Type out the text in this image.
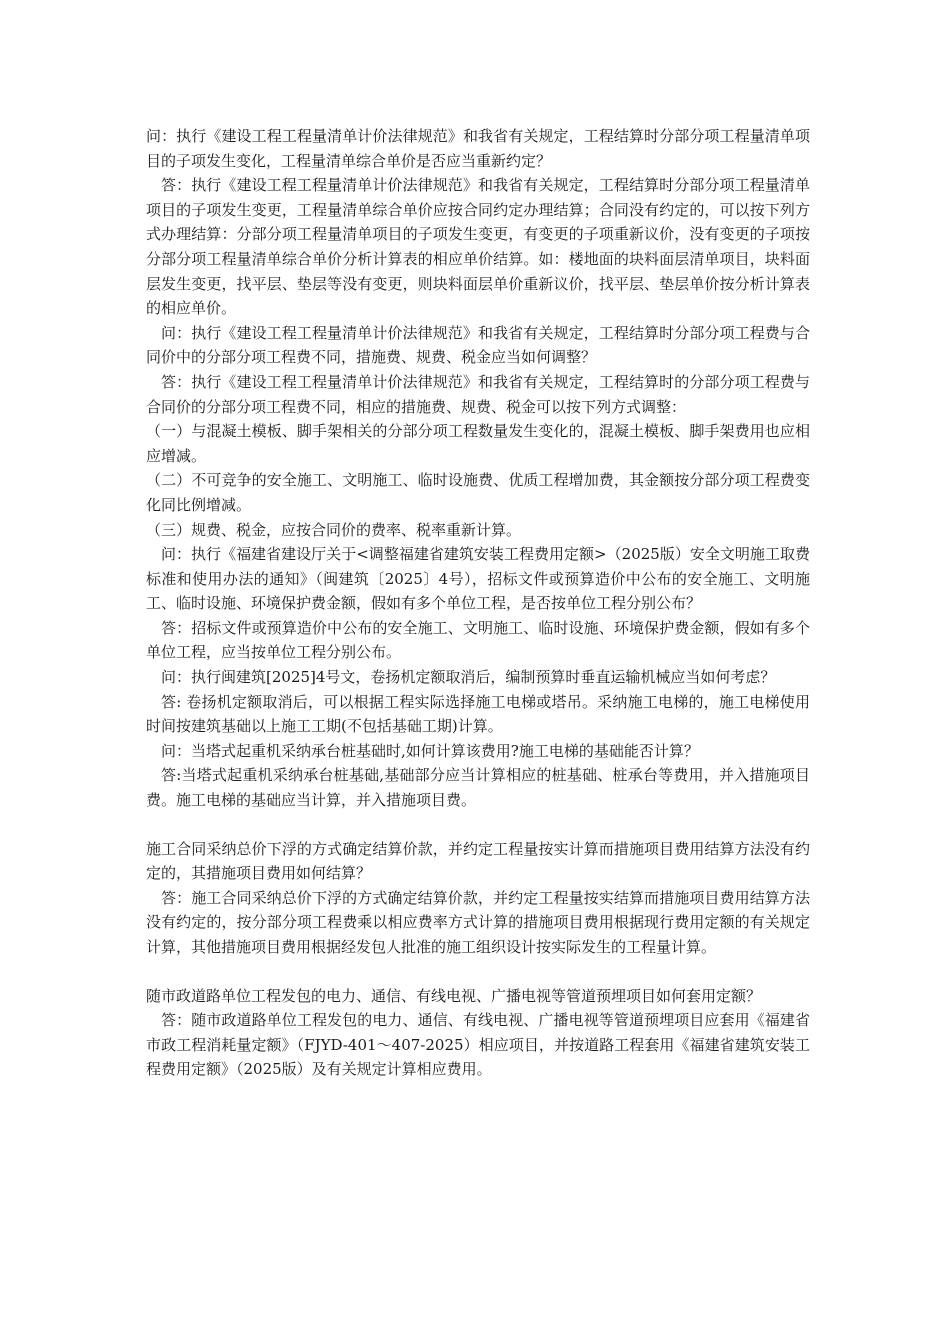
问：执行《建设工程工程量清单计价法律规范》和我省有关规定，工程结算时分部分项工程量清单项目的子项发生变化，工程量清单综合单价是否应当重新约定？

答：执行《建设工程工程量清单计价法律规范》和我省有关规定，工程结算时分部分项工程量清单项目的子项发生变更，工程量清单综合单价应按合同约定办理结算；合同没有约定的，可以按下列方式办理结算：分部分项工程量清单项目的子项发生变更，有变更的子项重新议价，没有变更的子项按分部分项工程量清单综合单价分析计算表的相应单价结算。如：楼地面的块料面层清单项目，块料面层发生变更，找平层、垫层等没有变更，则块料面层单价重新议价，找平层、垫层单价按分析计算表的相应单价。

问：执行《建设工程工程量清单计价法律规范》和我省有关规定，工程结算时分部分项工程费与合同价中的分部分项工程费不同，措施费、规费、税金应当如何调整？

答：执行《建设工程工程量清单计价法律规范》和我省有关规定，工程结算时的分部分项工程费与合同价的分部分项工程费不同，相应的措施费、规费、税金可以按下列方式调整：

（一）与混凝土模板、脚手架相关的分部分项工程数量发生变化的，混凝土模板、脚手架费用也应相应增减。

（二）不可竞争的安全施工、文明施工、临时设施费、优质工程增加费，其金额按分部分项工程费变化同比例增减。

（三）规费、税金，应按合同价的费率、税率重新计算。

问：执行《福建省建设厅关于<调整福建省建筑安装工程费用定额>（2025版）安全文明施工取费标准和使用办法的通知》（闽建筑〔2025〕4号），招标文件或预算造价中公布的安全施工、文明施工、临时设施、环境保护费金额，假如有多个单位工程，是否按单位工程分别公布？

答：招标文件或预算造价中公布的安全施工、文明施工、临时设施、环境保护费金额，假如有多个单位工程，应当按单位工程分别公布。

问：执行闽建筑[2025]4号文，卷扬机定额取消后，编制预算时垂直运输机械应当如何考虑？

答: 卷扬机定额取消后，可以根据工程实际选择施工电梯或塔吊。采纳施工电梯的，施工电梯使用时间按建筑基础以上施工工期(不包括基础工期)计算。

问：当塔式起重机采纳承台桩基础时,如何计算该费用?施工电梯的基础能否计算？

答:当塔式起重机采纳承台桩基础,基础部分应当计算相应的桩基础、桩承台等费用，并入措施项目费。施工电梯的基础应当计算，并入措施项目费。

施工合同采纳总价下浮的方式确定结算价款，并约定工程量按实计算而措施项目费用结算方法没有约定的，其措施项目费用如何结算？

答：施工合同采纳总价下浮的方式确定结算价款，并约定工程量按实结算而措施项目费用结算方法没有约定的，按分部分项工程费乘以相应费率方式计算的措施项目费用根据现行费用定额的有关规定计算，其他措施项目费用根据经发包人批准的施工组织设计按实际发生的工程量计算。

随市政道路单位工程发包的电力、通信、有线电视、广播电视等管道预埋项目如何套用定额？

答：随市政道路单位工程发包的电力、通信、有线电视、广播电视等管道预埋项目应套用《福建省市政工程消耗量定额》（FJYD-401～407-2025）相应项目，并按道路工程套用《福建省建筑安装工程费用定额》（2025版）及有关规定计算相应费用。
